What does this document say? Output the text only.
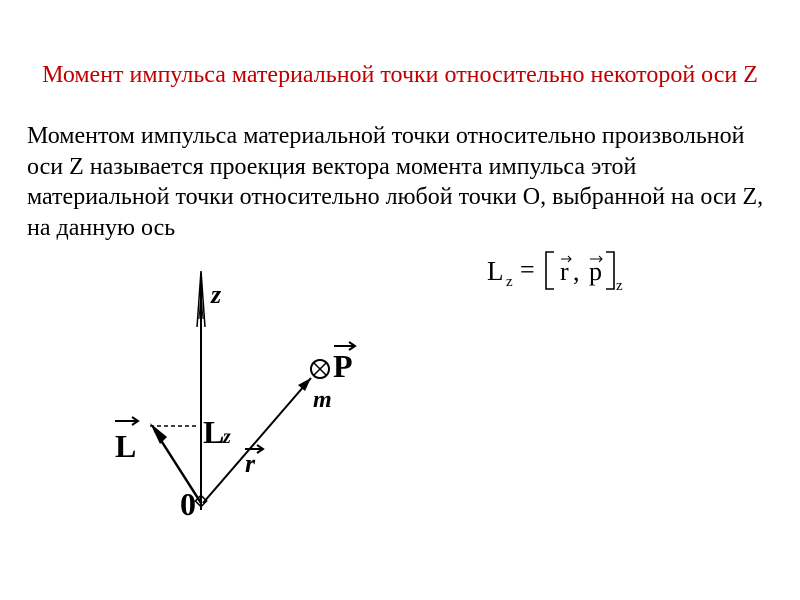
Момент импульса материальной точки относительно некоторой оси Z
Моментом импульса материальной точки относительно произвольной оси Z называется проекция вектора момента импульса этой материальной точки относительно любой точки О, выбранной на оси Z, на данную ось
L z = r , p z
z
P
m
L L
z
r
0
